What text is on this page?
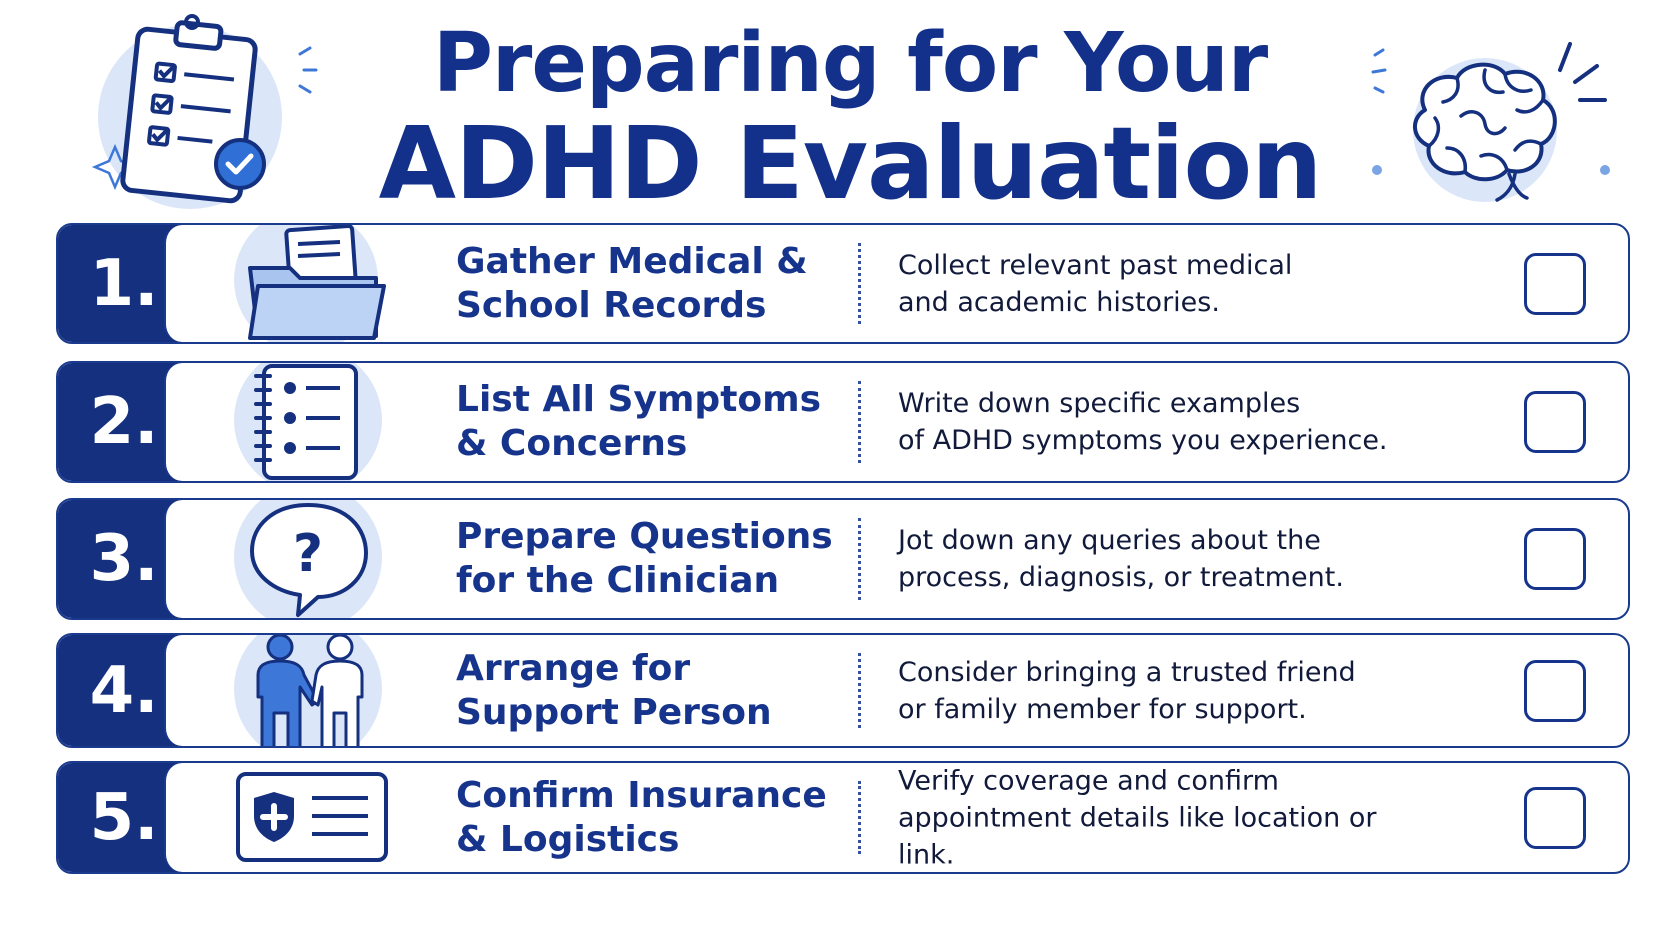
Preparing for Your
ADHD Evaluation
1.	Gather Medical &
School Records
Collect relevant past medical
and academic histories.
2.	List All Symptoms
& Concerns
Write down specific examples
of ADHD symptoms you experience.
3.	?	Prepare Questions
for the Clinician
Jot down any queries about the
process, diagnosis, or treatment.
4.	Arrange for
Support Person
Consider bringing a trusted friend
or family member for support.
5.	Confirm Insurance
& Logistics
Verify coverage and confirm
appointment details like location or link.
